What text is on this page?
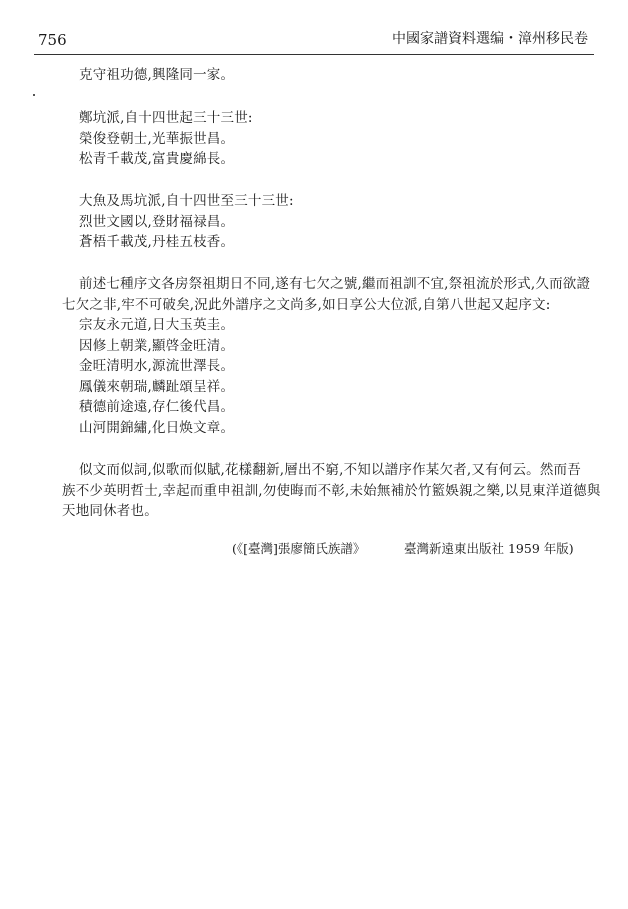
756	中國家譜資料選编・漳州移民卷
克守祖功德,興隆同一家。
鄭坑派,自十四世起三十三世:
榮俊登朝士,光華振世昌。
松青千載茂,富貴慶綿長。
大魚及馬坑派,自十四世至三十三世:
烈世文國以,登財福禄昌。
蒼梧千載茂,丹桂五枝香。
前述七種序文各房祭祖期日不同,遂有七欠之號,繼而祖訓不宜,祭祖流於形式,久而欲證
七欠之非,牢不可破矣,況此外譜序之文尚多,如日享公大位派,自第八世起又起序文:
宗友永元道,日大玉英圭。
因修上朝業,顯啓金旺清。
金旺清明水,源流世澤長。
鳳儀來朝瑞,麟趾頌呈祥。
積德前途遠,存仁後代昌。
山河開錦繡,化日焕文章。
似文而似詞,似歌而似賦,花樣翻新,層出不窮,不知以譜序作某欠者,又有何云。然而吾
族不少英明哲士,幸起而重申祖訓,勿使晦而不彰,未始無補於竹籃娛親之樂,以見東洋道德與
天地同休者也。
(《[臺灣]張廖簡氏族譜》	臺灣新遠東出版社 1959 年版)
